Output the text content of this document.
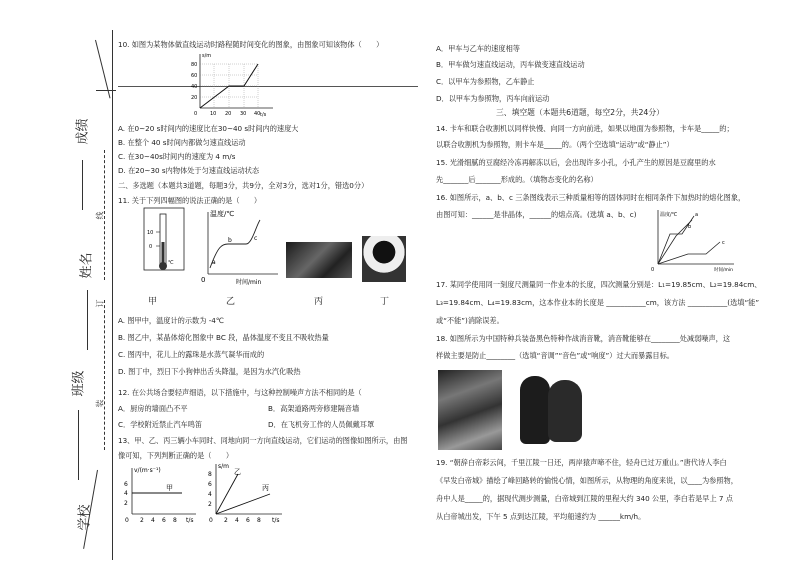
成绩
姓名
班级
学校
线
订
装

10. 如图为某物体做直线运动时路程随时间变化的图象，由图象可知该物体（　　）

s/m
t/s
80
60
40
20
10 20 30 40
0

A. 在0~20 s时间内的速度比在30~40 s时间内的速度大

B. 在整个 40 s时间内都做匀速直线运动

C. 在30~40s时间内的速度为 4 m/s

D. 在20~30 s内物体处于匀速直线运动状态

二、多选题（本题共3道题，每题3分，共9分，全对3分，选对1分，错选0分）

11. 关于下列四幅图的说法正确的是（　　）

10
0
℃
温度/℃
时间/min
0
a
b	c

甲	乙	丙	丁

A. 图甲中，温度计的示数为 -4℃

B. 图乙中，某晶体熔化图象中 BC 段，晶体温度不变且不吸收热量

C. 图丙中，花儿上的露珠是水蒸气凝华而成的

D. 图丁中，烈日下小狗伸出舌头降温，是因为水汽化吸热

12. 在公共场合要轻声细语，以下措施中，与这种控制噪声方法不相同的是（

A．厨房的墙面凸不平	B．高架道路两旁修建隔音墙

C．学校附近禁止汽车鸣笛	D．在飞机旁工作的人员佩戴耳罩

13、甲、乙、丙三辆小车同时、同地向同一方向直线运动，它们运动的图像如图所示，由图

像可知，下列判断正确的是（　　）

v/(m·s⁻¹)
t/s
6
4
2
0 2 4 6 8
甲
s/m
t/s
8
6
4
2
0 2 4 6 8
乙
丙

A．甲车与乙车的速度相等

B．甲车做匀速直线运动，丙车做变速直线运动

C．以甲车为参照物，乙车静止

D．以甲车为参照物，丙车向前运动

三、填空题（本题共6道题，每空2分，共24分）

14. 卡车和联合收割机以同样快慢、向同一方向前进，如果以地面为参照物，卡车是_____的；

以联合收割机为参照物，则卡车是_____的。（两个空选填“运动”或“静止”）

15. 光滑细腻的豆腐经冷冻再解冻以后，会出现许多小孔，小孔产生的原因是豆腐里的水

先_______后_______形成的。（填物态变化的名称）

16. 如图所示，a、b、c 三条图线表示三种质量相等的固体同时在相同条件下加热时的熔化图象，

由图可知：______是非晶体，______的熔点高。(选填 a、b、c)	温度/℃
时间/min
0
a
b
c

17. 某同学使用同一刻度尺测量同一作业本的长度，四次测量分别是：L₁=19.85cm、L₂=19.84cm、

L₃=19.84cm、L₄=19.83cm，这本作业本的长度是 ___________cm，该方法 ___________(选填“能”

或“不能”)消除误差。

18. 如图所示为中国特种兵装备黑色特种作战消音靴，消音靴能够在________处减弱噪声，这

样做主要是防止________（选填“音调”“音色”或“响度”）过大而暴露目标。

19. “朝辞白帝彩云间，千里江陵一日还，两岸猿声啼不住，轻舟已过万重山。”唐代诗人李白

《早发白帝城》描绘了峰回路转的愉悦心情，如图所示，从物理的角度来说，以____为参照物，

舟中人是_____的，据现代测步测量，白帝城到江陵的里程大约 340 公里，李白若是早上 7 点

从白帝城出发，下午 5 点到达江陵，平均船速约为 ______km/h。
